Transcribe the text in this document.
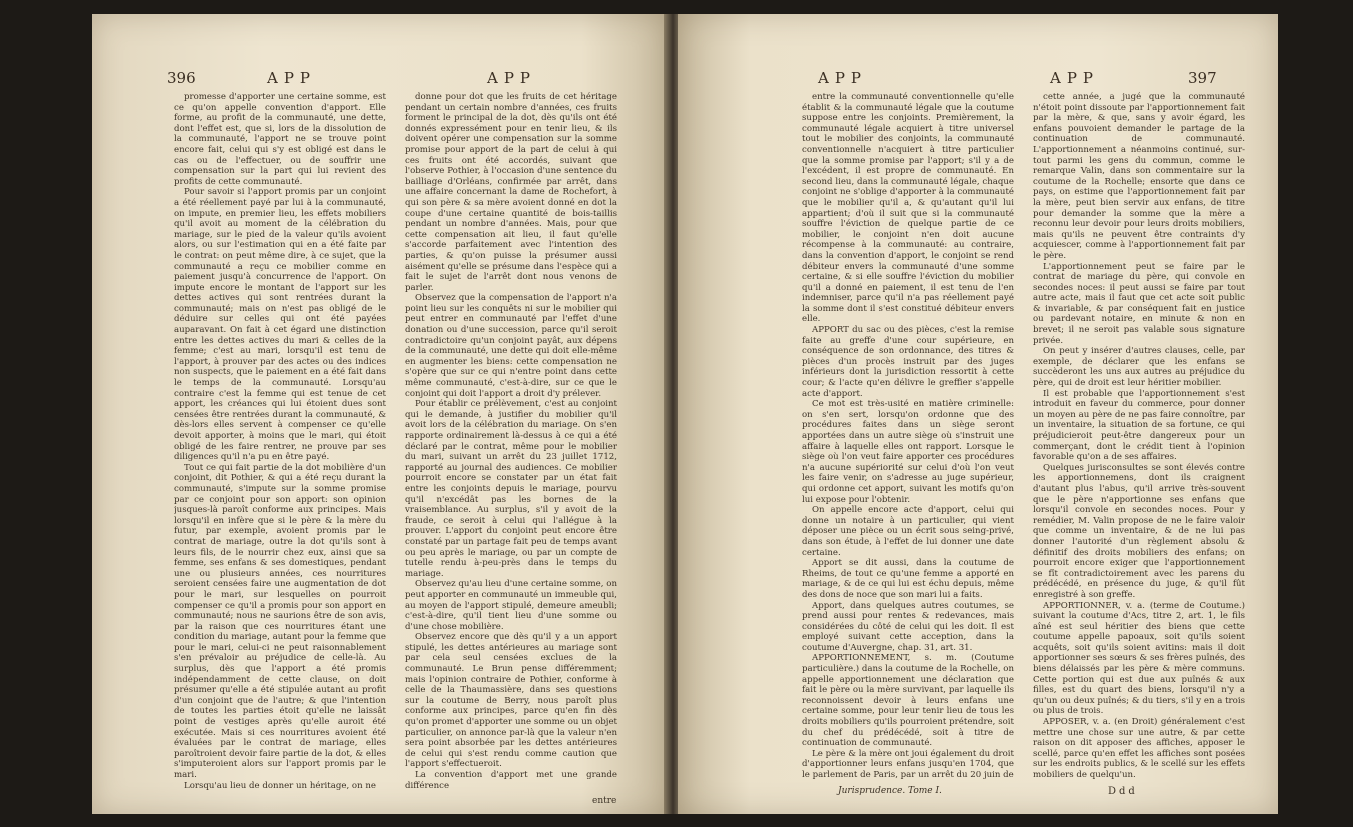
396	APP	APP

promesse d'apporter une certaine somme, est ce qu'on appelle convention d'apport. Elle forme, au profit de la communauté, une dette, dont l'effet est, que si, lors de la dissolution de la communauté, l'apport ne se trouve point encore fait, celui qui s'y est obligé est dans le cas ou de l'effectuer, ou de souffrir une compensation sur la part qui lui revient des profits de cette communauté.

Pour savoir si l'apport promis par un conjoint a été réellement payé par lui à la communauté, on impute, en premier lieu, les effets mobiliers qu'il avoit au moment de la célébration du mariage, sur le pied de la valeur qu'ils avoient alors, ou sur l'estimation qui en a été faite par le contrat: on peut même dire, à ce sujet, que la communauté a reçu ce mobilier comme en paiement jusqu'à concurrence de l'apport. On impute encore le montant de l'apport sur les dettes actives qui sont rentrées durant la communauté; mais on n'est pas obligé de le déduire sur celles qui ont été payées auparavant. On fait à cet égard une distinction entre les dettes actives du mari & celles de la femme; c'est au mari, lorsqu'il est tenu de l'apport, à prouver par des actes ou des indices non suspects, que le paiement en a été fait dans le temps de la communauté. Lorsqu'au contraire c'est la femme qui est tenue de cet apport, les créances qui lui étoient dues sont censées être rentrées durant la communauté, & dès-lors elles servent à compenser ce qu'elle devoit apporter, à moins que le mari, qui étoit obligé de les faire rentrer, ne prouve par ses diligences qu'il n'a pu en être payé.

Tout ce qui fait partie de la dot mobilière d'un conjoint, dit Pothier, & qui a été reçu durant la communauté, s'impute sur la somme promise par ce conjoint pour son apport: son opinion jusques-là paroît conforme aux principes. Mais lorsqu'il en infère que si le père & la mère du futur, par exemple, avoient promis par le contrat de mariage, outre la dot qu'ils sont à leurs fils, de le nourrir chez eux, ainsi que sa femme, ses enfans & ses domestiques, pendant une ou plusieurs années, ces nourritures seroient censées faire une augmentation de dot pour le mari, sur lesquelles on pourroit compenser ce qu'il a promis pour son apport en communauté; nous ne saurions être de son avis, par la raison que ces nourritures étant une condition du mariage, autant pour la femme que pour le mari, celui-ci ne peut raisonnablement s'en prévaloir au préjudice de celle-là. Au surplus, dès que l'apport a été promis indépendamment de cette clause, on doit présumer qu'elle a été stipulée autant au profit d'un conjoint que de l'autre; & que l'intention de toutes les parties étoit qu'elle ne laissât point de vestiges après qu'elle auroit été exécutée. Mais si ces nourritures avoient été évaluées par le contrat de mariage, elles paroîtroient devoir faire partie de la dot, & elles s'imputeroient alors sur l'apport promis par le mari.

Lorsqu'au lieu de donner un héritage, on ne

donne pour dot que les fruits de cet héritage pendant un certain nombre d'années, ces fruits forment le principal de la dot, dès qu'ils ont été donnés expressément pour en tenir lieu, & ils doivent opérer une compensation sur la somme promise pour apport de la part de celui à qui ces fruits ont été accordés, suivant que l'observe Pothier, à l'occasion d'une sentence du bailliage d'Orléans, confirmée par arrêt, dans une affaire concernant la dame de Rochefort, à qui son père & sa mère avoient donné en dot la coupe d'une certaine quantité de bois-taillis pendant un nombre d'années. Mais, pour que cette compensation ait lieu, il faut qu'elle s'accorde parfaitement avec l'intention des parties, & qu'on puisse la présumer aussi aisément qu'elle se présume dans l'espèce qui a fait le sujet de l'arrêt dont nous venons de parler.

Observez que la compensation de l'apport n'a point lieu sur les conquêts ni sur le mobilier qui peut entrer en communauté par l'effet d'une donation ou d'une succession, parce qu'il seroit contradictoire qu'un conjoint payât, aux dépens de la communauté, une dette qui doit elle-même en augmenter les biens: cette compensation ne s'opère que sur ce qui n'entre point dans cette même communauté, c'est-à-dire, sur ce que le conjoint qui doit l'apport a droit d'y prélever.

Pour établir ce prélèvement, c'est au conjoint qui le demande, à justifier du mobilier qu'il avoit lors de la célébration du mariage. On s'en rapporte ordinairement là-dessus à ce qui a été déclaré par le contrat, même pour le mobilier du mari, suivant un arrêt du 23 juillet 1712, rapporté au journal des audiences. Ce mobilier pourroit encore se constater par un état fait entre les conjoints depuis le mariage, pourvu qu'il n'excédât pas les bornes de la vraisemblance. Au surplus, s'il y avoit de la fraude, ce seroit à celui qui l'allégue à la prouver. L'apport du conjoint peut encore être constaté par un partage fait peu de temps avant ou peu après le mariage, ou par un compte de tutelle rendu à-peu-près dans le temps du mariage.

Observez qu'au lieu d'une certaine somme, on peut apporter en communauté un immeuble qui, au moyen de l'apport stipulé, demeure ameubli; c'est-à-dire, qu'il tient lieu d'une somme ou d'une chose mobilière.

Observez encore que dès qu'il y a un apport stipulé, les dettes antérieures au mariage sont par cela seul censées exclues de la communauté. Le Brun pense différemment; mais l'opinion contraire de Pothier, conforme à celle de la Thaumassière, dans ses questions sur la coutume de Berry, nous paroît plus conforme aux principes, parce qu'en fin dès qu'on promet d'apporter une somme ou un objet particulier, on annonce par-là que la valeur n'en sera point absorbée par les dettes antérieures de celui qui s'est rendu comme caution que l'apport s'effectueroit.

La convention d'apport met une grande différence

entre
APP	APP	397

entre la communauté conventionnelle qu'elle établit & la communauté légale que la coutume suppose entre les conjoints. Premièrement, la communauté légale acquiert à titre universel tout le mobilier des conjoints, la communauté conventionnelle n'acquiert à titre particulier que la somme promise par l'apport; s'il y a de l'excédent, il est propre de communauté. En second lieu, dans la communauté légale, chaque conjoint ne s'oblige d'apporter à la communauté que le mobilier qu'il a, & qu'autant qu'il lui appartient; d'où il suit que si la communauté souffre l'éviction de quelque partie de ce mobilier, le conjoint n'en doit aucune récompense à la communauté: au contraire, dans la convention d'apport, le conjoint se rend débiteur envers la communauté d'une somme certaine, & si elle souffre l'éviction du mobilier qu'il a donné en paiement, il est tenu de l'en indemniser, parce qu'il n'a pas réellement payé la somme dont il s'est constitué débiteur envers elle.

APPORT du sac ou des pièces, c'est la remise faite au greffe d'une cour supérieure, en conséquence de son ordonnance, des titres & pièces d'un procès instruit par des juges inférieurs dont la jurisdiction ressortit à cette cour; & l'acte qu'en délivre le greffier s'appelle acte d'apport.

Ce mot est très-usité en matière criminelle: on s'en sert, lorsqu'on ordonne que des procédures faites dans un siège seront apportées dans un autre siège où s'instruit une affaire à laquelle elles ont rapport. Lorsque le siège où l'on veut faire apporter ces procédures n'a aucune supériorité sur celui d'où l'on veut les faire venir, on s'adresse au juge supérieur, qui ordonne cet apport, suivant les motifs qu'on lui expose pour l'obtenir.

On appelle encore acte d'apport, celui qui donne un notaire à un particulier, qui vient déposer une pièce ou un écrit sous seing-privé, dans son étude, à l'effet de lui donner une date certaine.

Apport se dit aussi, dans la coutume de Rheims, de tout ce qu'une femme a apporté en mariage, & de ce qui lui est échu depuis, même des dons de noce que son mari lui a faits.

Apport, dans quelques autres coutumes, se prend aussi pour rentes & redevances, mais considérées du côté de celui qui les doit. Il est employé suivant cette acception, dans la coutume d'Auvergne, chap. 31, art. 31.

APPORTIONNEMENT, s. m. (Coutume particulière.) dans la coutume de la Rochelle, on appelle apportionnement une déclaration que fait le père ou la mère survivant, par laquelle ils reconnoissent devoir à leurs enfans une certaine somme, pour leur tenir lieu de tous les droits mobiliers qu'ils pourroient prétendre, soit du chef du prédécédé, soit à titre de continuation de communauté.

Le père & la mère ont joui également du droit d'apportionner leurs enfans jusqu'en 1704, que le parlement de Paris, par un arrêt du 20 juin de

cette année, a jugé que la communauté n'étoit point dissoute par l'apportionnement fait par la mère, & que, sans y avoir égard, les enfans pouvoient demander le partage de la continuation de communauté. L'apportionnement a néanmoins continué, sur-tout parmi les gens du commun, comme le remarque Valin, dans son commentaire sur la coutume de la Rochelle; ensorte que dans ce pays, on estime que l'apportionnement fait par la mère, peut bien servir aux enfans, de titre pour demander la somme que la mère a reconnu leur devoir pour leurs droits mobiliers, mais qu'ils ne peuvent être contraints d'y acquiescer, comme à l'apportionnement fait par le père.

L'apportionnement peut se faire par le contrat de mariage du père, qui convole en secondes noces: il peut aussi se faire par tout autre acte, mais il faut que cet acte soit public & invariable, & par conséquent fait en justice ou pardevant notaire, en minute & non en brevet; il ne seroit pas valable sous signature privée.

On peut y insérer d'autres clauses, celle, par exemple, de déclarer que les enfans se succèderont les uns aux autres au préjudice du père, qui de droit est leur héritier mobilier.

Il est probable que l'apportionnement s'est introduit en faveur du commerce, pour donner un moyen au père de ne pas faire connoître, par un inventaire, la situation de sa fortune, ce qui préjudicieroit peut-être dangereux pour un commerçant, dont le crédit tient à l'opinion favorable qu'on a de ses affaires.

Quelques jurisconsultes se sont élevés contre les apportionnemens, dont ils craignent d'autant plus l'abus, qu'il arrive très-souvent que le père n'apportionne ses enfans que lorsqu'il convole en secondes noces. Pour y remédier, M. Valin propose de ne le faire valoir que comme un inventaire, & de ne lui pas donner l'autorité d'un règlement absolu & définitif des droits mobiliers des enfans; on pourroit encore exiger que l'apportionnement se fît contradictoirement avec les parens du prédécédé, en présence du juge, & qu'il fût enregistré à son greffe.

APPORTIONNER, v. a. (terme de Coutume.) suivant la coutume d'Acs, titre 2, art. 1, le fils aîné est seul héritier des biens que cette coutume appelle papoaux, soit qu'ils soient acquêts, soit qu'ils soient avitins: mais il doit apportionner ses sœurs & ses frères puînés, des biens délaissés par les père & mère communs. Cette portion qui est due aux puînés & aux filles, est du quart des biens, lorsqu'il n'y a qu'un ou deux puînés; & du tiers, s'il y en a trois ou plus de trois.

APPOSER, v. a. (en Droit) généralement c'est mettre une chose sur une autre, & par cette raison on dit apposer des affiches, apposer le scellé, parce qu'en effet les affiches sont posées sur les endroits publics, & le scellé sur les effets mobiliers de quelqu'un.

Jurisprudence. Tome I.	Ddd
